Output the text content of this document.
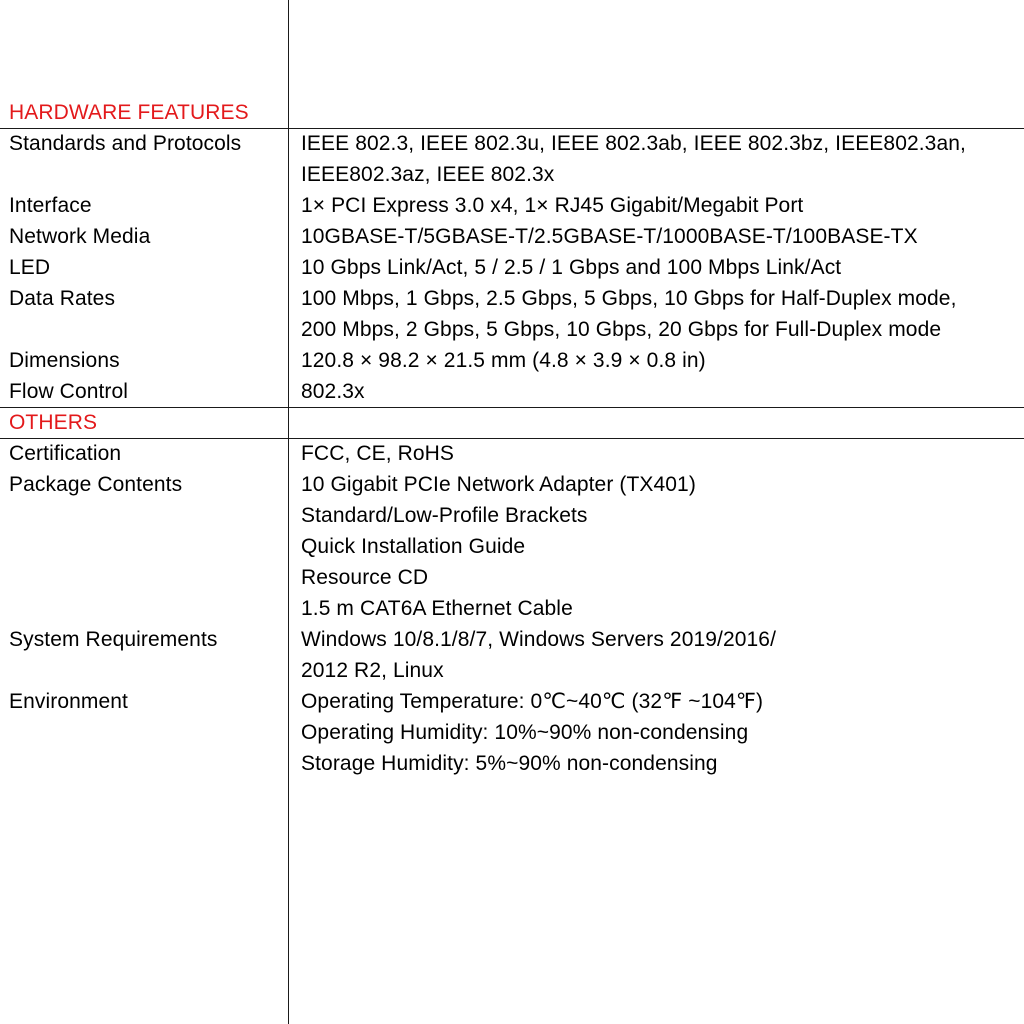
HARDWARE FEATURES
Standards and Protocols	IEEE 802.3, IEEE 802.3u, IEEE 802.3ab, IEEE 802.3bz, IEEE802.3an,
IEEE802.3az, IEEE 802.3x
Interface	1× PCI Express 3.0 x4, 1× RJ45 Gigabit/Megabit Port
Network Media	10GBASE-T/5GBASE-T/2.5GBASE-T/1000BASE-T/100BASE-TX
LED	10 Gbps Link/Act, 5 / 2.5 / 1 Gbps and 100 Mbps Link/Act
Data Rates	100 Mbps, 1 Gbps, 2.5 Gbps, 5 Gbps, 10 Gbps for Half-Duplex mode,
200 Mbps, 2 Gbps, 5 Gbps, 10 Gbps, 20 Gbps for Full-Duplex mode
Dimensions	120.8 × 98.2 × 21.5 mm (4.8 × 3.9 × 0.8 in)
Flow Control	802.3x
OTHERS
Certification	FCC, CE, RoHS
Package Contents	10 Gigabit PCIe Network Adapter (TX401)
Standard/Low-Profile Brackets
Quick Installation Guide
Resource CD
1.5 m CAT6A Ethernet Cable
System Requirements	Windows 10/8.1/8/7, Windows Servers 2019/2016/
2012 R2, Linux
Environment	Operating Temperature: 0℃~40℃ (32℉ ~104℉)
Operating Humidity: 10%~90% non-condensing
Storage Humidity: 5%~90% non-condensing
